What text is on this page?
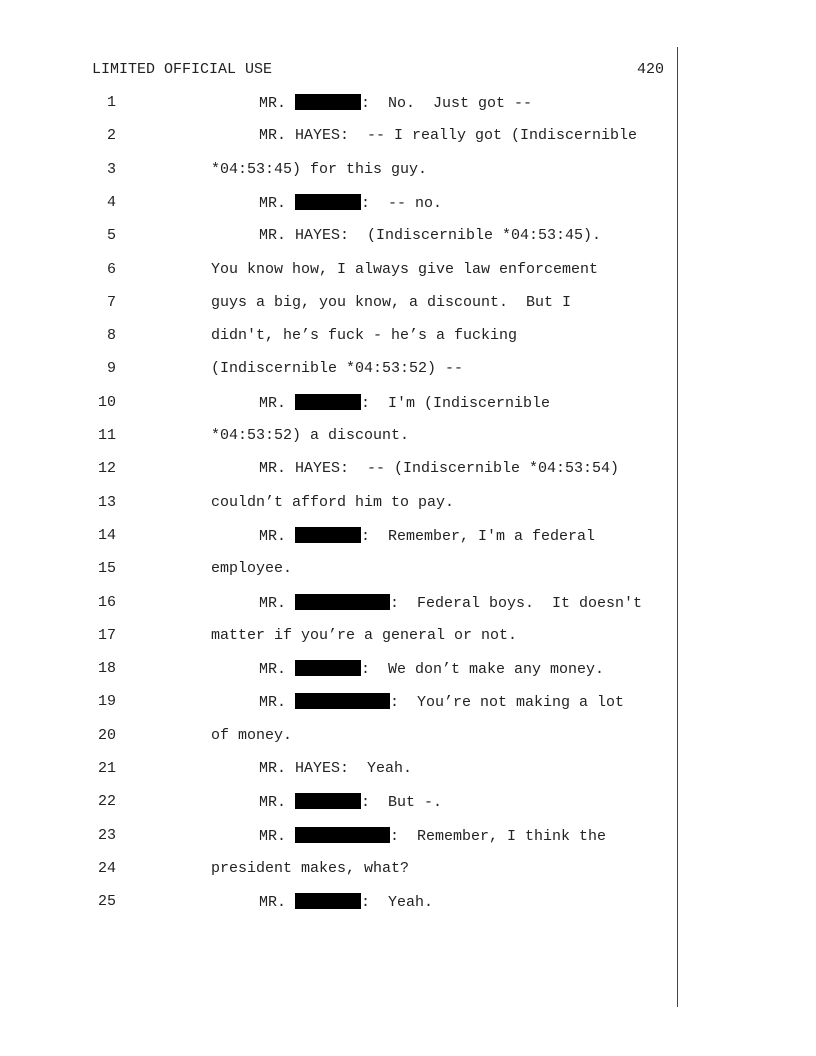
LIMITED OFFICIAL USE	420
1	MR.	:  No.  Just got --
2	MR. HAYES:  -- I really got (Indiscernible
3	*04:53:45) for this guy.
4	MR.	:  -- no.
5	MR. HAYES:  (Indiscernible *04:53:45).
6	You know how, I always give law enforcement
7	guys a big, you know, a discount.  But I
8	didn't, he’s fuck - he’s a fucking
9	(Indiscernible *04:53:52) --
10	MR.	:  I'm (Indiscernible
11	*04:53:52) a discount.
12	MR. HAYES:  -- (Indiscernible *04:53:54)
13	couldn’t afford him to pay.
14	MR.	:  Remember, I'm a federal
15	employee.
16	MR.	:  Federal boys.  It doesn't
17	matter if you’re a general or not.
18	MR.	:  We don’t make any money.
19	MR.	:  You’re not making a lot
20	of money.
21	MR. HAYES:  Yeah.
22	MR.	:  But -.
23	MR.	:  Remember, I think the
24	president makes, what?
25	MR.	:  Yeah.
